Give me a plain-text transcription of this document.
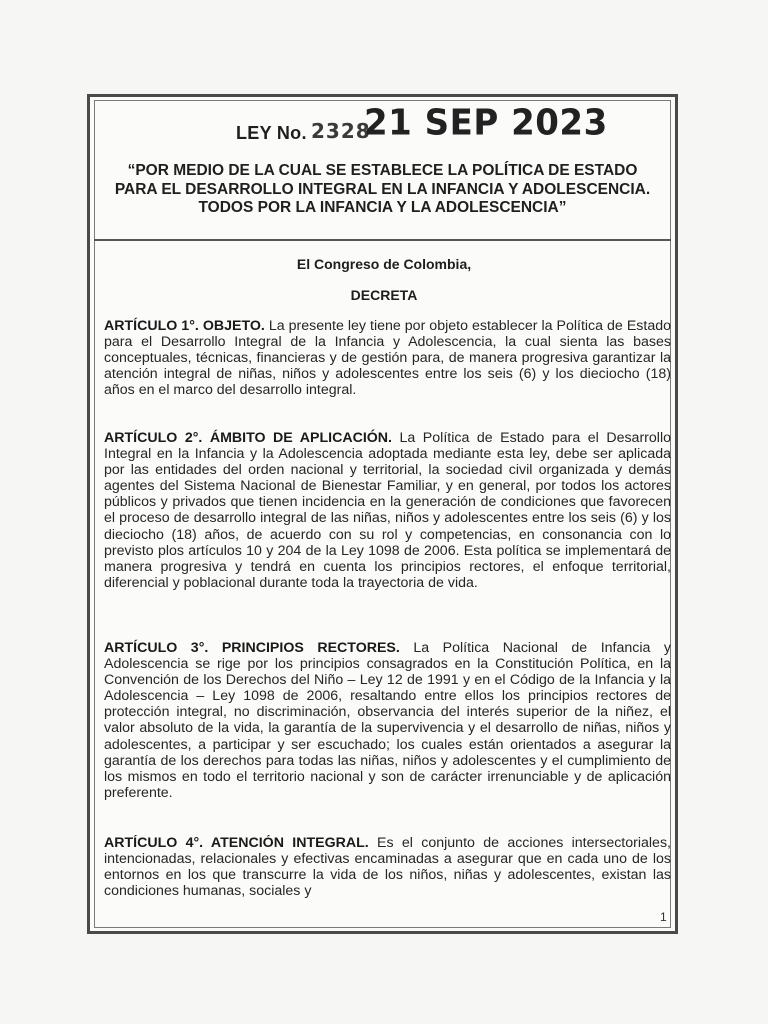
LEY No. 2328
21 SEP 2023
“POR MEDIO DE LA CUAL SE ESTABLECE LA POLÍTICA DE ESTADO
PARA EL DESARROLLO INTEGRAL EN LA INFANCIA Y ADOLESCENCIA.
TODOS POR LA INFANCIA Y LA ADOLESCENCIA”
El Congreso de Colombia,
DECRETA
ARTÍCULO 1°. OBJETO. La presente ley tiene por objeto establecer la Política de Estado para el Desarrollo Integral de la Infancia y Adolescencia, la cual sienta las bases conceptuales, técnicas, financieras y de gestión para, de manera progresiva garantizar la atención integral de niñas, niños y adolescentes entre los seis (6) y los dieciocho (18) años en el marco del desarrollo integral.
ARTÍCULO 2°. ÁMBITO DE APLICACIÓN. La Política de Estado para el Desarrollo Integral en la Infancia y la Adolescencia adoptada mediante esta ley, debe ser aplicada por las entidades del orden nacional y territorial, la sociedad civil organizada y demás agentes del Sistema Nacional de Bienestar Familiar, y en general, por todos los actores públicos y privados que tienen incidencia en la generación de condiciones que favorecen el proceso de desarrollo integral de las niñas, niños y adolescentes entre los seis (6) y los dieciocho (18) años, de acuerdo con su rol y competencias, en consonancia con lo previsto plos artículos 10 y 204 de la Ley 1098 de 2006. Esta política se implementará de manera progresiva y tendrá en cuenta los principios rectores, el enfoque territorial, diferencial y poblacional durante toda la trayectoria de vida.
ARTÍCULO 3°. PRINCIPIOS RECTORES. La Política Nacional de Infancia y Adolescencia se rige por los principios consagrados en la Constitución Política, en la Convención de los Derechos del Niño – Ley 12 de 1991 y en el Código de la Infancia y la Adolescencia – Ley 1098 de 2006, resaltando entre ellos los principios rectores de protección integral, no discriminación, observancia del interés superior de la niñez, el valor absoluto de la vida, la garantía de la supervivencia y el desarrollo de niñas, niños y adolescentes, a participar y ser escuchado; los cuales están orientados a asegurar la garantía de los derechos para todas las niñas, niños y adolescentes y el cumplimiento de los mismos en todo el territorio nacional y son de carácter irrenunciable y de aplicación preferente.
ARTÍCULO 4°. ATENCIÓN INTEGRAL. Es el conjunto de acciones intersectoriales, intencionadas, relacionales y efectivas encaminadas a asegurar que en cada uno de los entornos en los que transcurre la vida de los niños, niñas y adolescentes, existan las condiciones humanas, sociales y
1
